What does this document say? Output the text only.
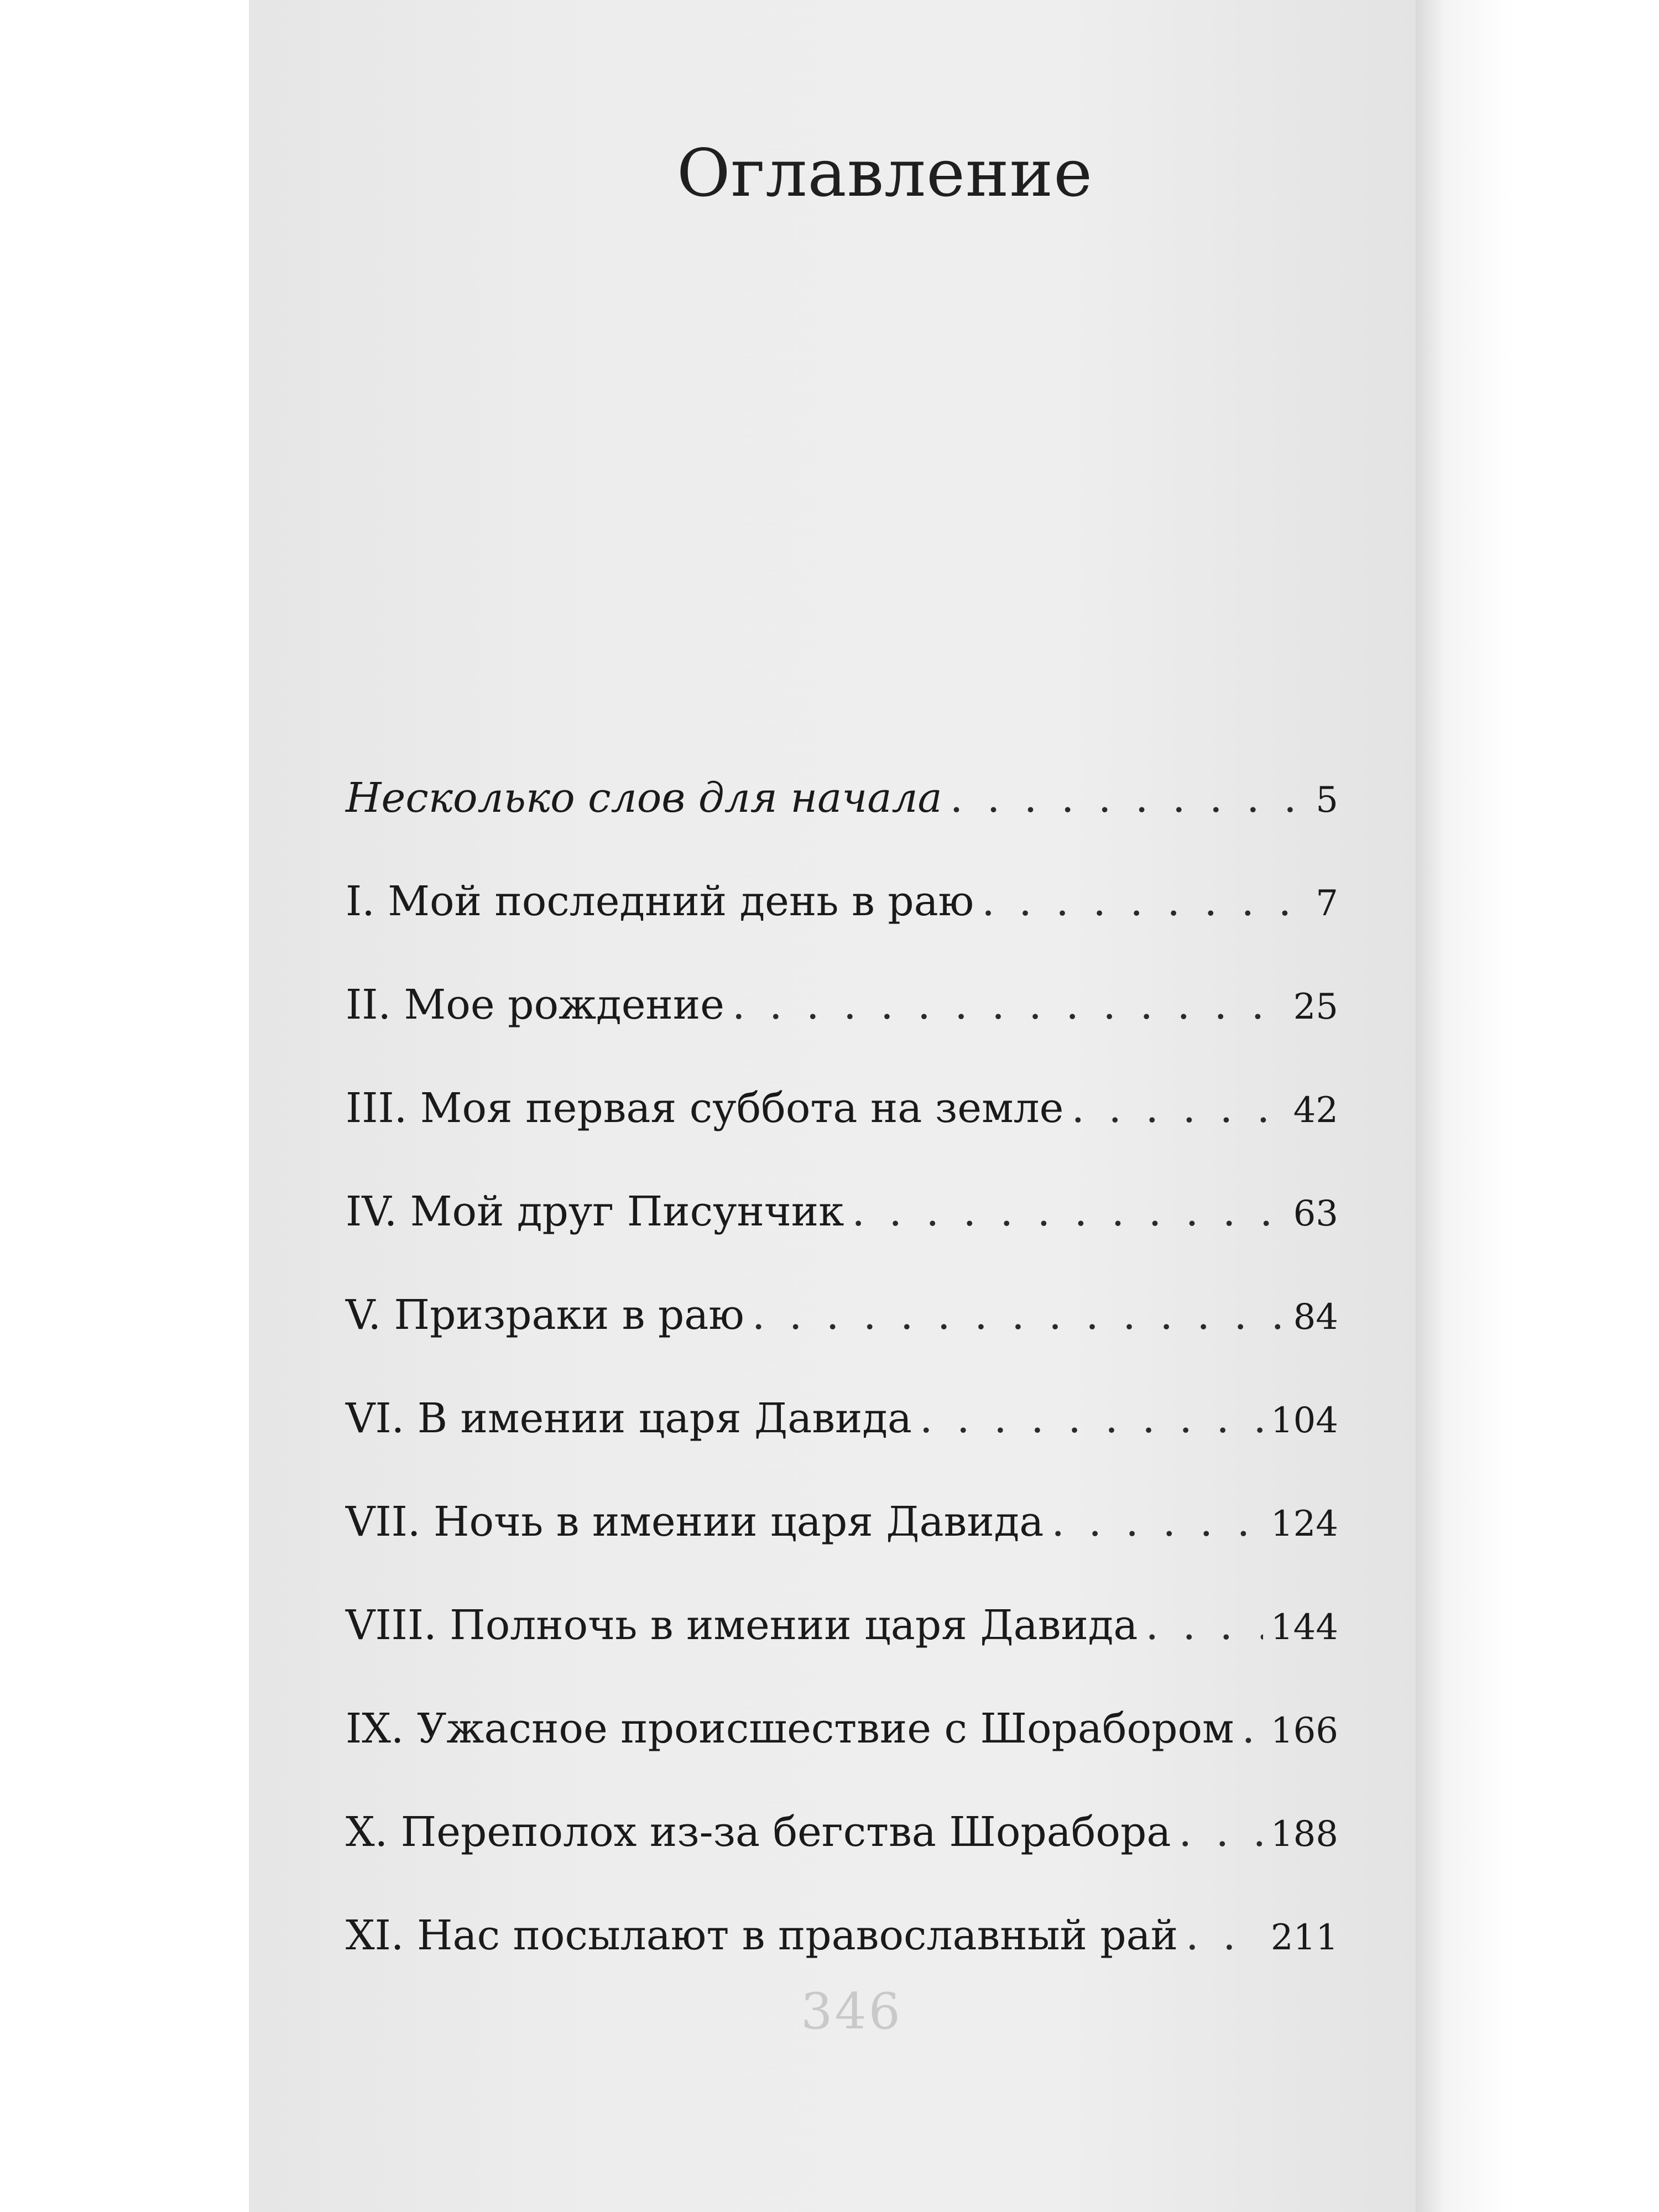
Оглавление
Несколько слов для начала . . .	5
I. Мой последний день в раю . . .	7
II. Мое рождение . . .	25
III. Моя первая суббота на земле . . .	42
IV. Мой друг Писунчик . . .	63
V. Призраки в раю . . .	84
VI. В имении царя Давида . . .	104
VII. Ночь в имении царя Давида . . .	124
VIII. Полночь в имении царя Давида . . .	144
IX. Ужасное происшествие с Шорабором . . . 166
X. Переполох из-за бегства Шорабора . . .	188
XI. Нас посылают в православный рай . . .	211
346
